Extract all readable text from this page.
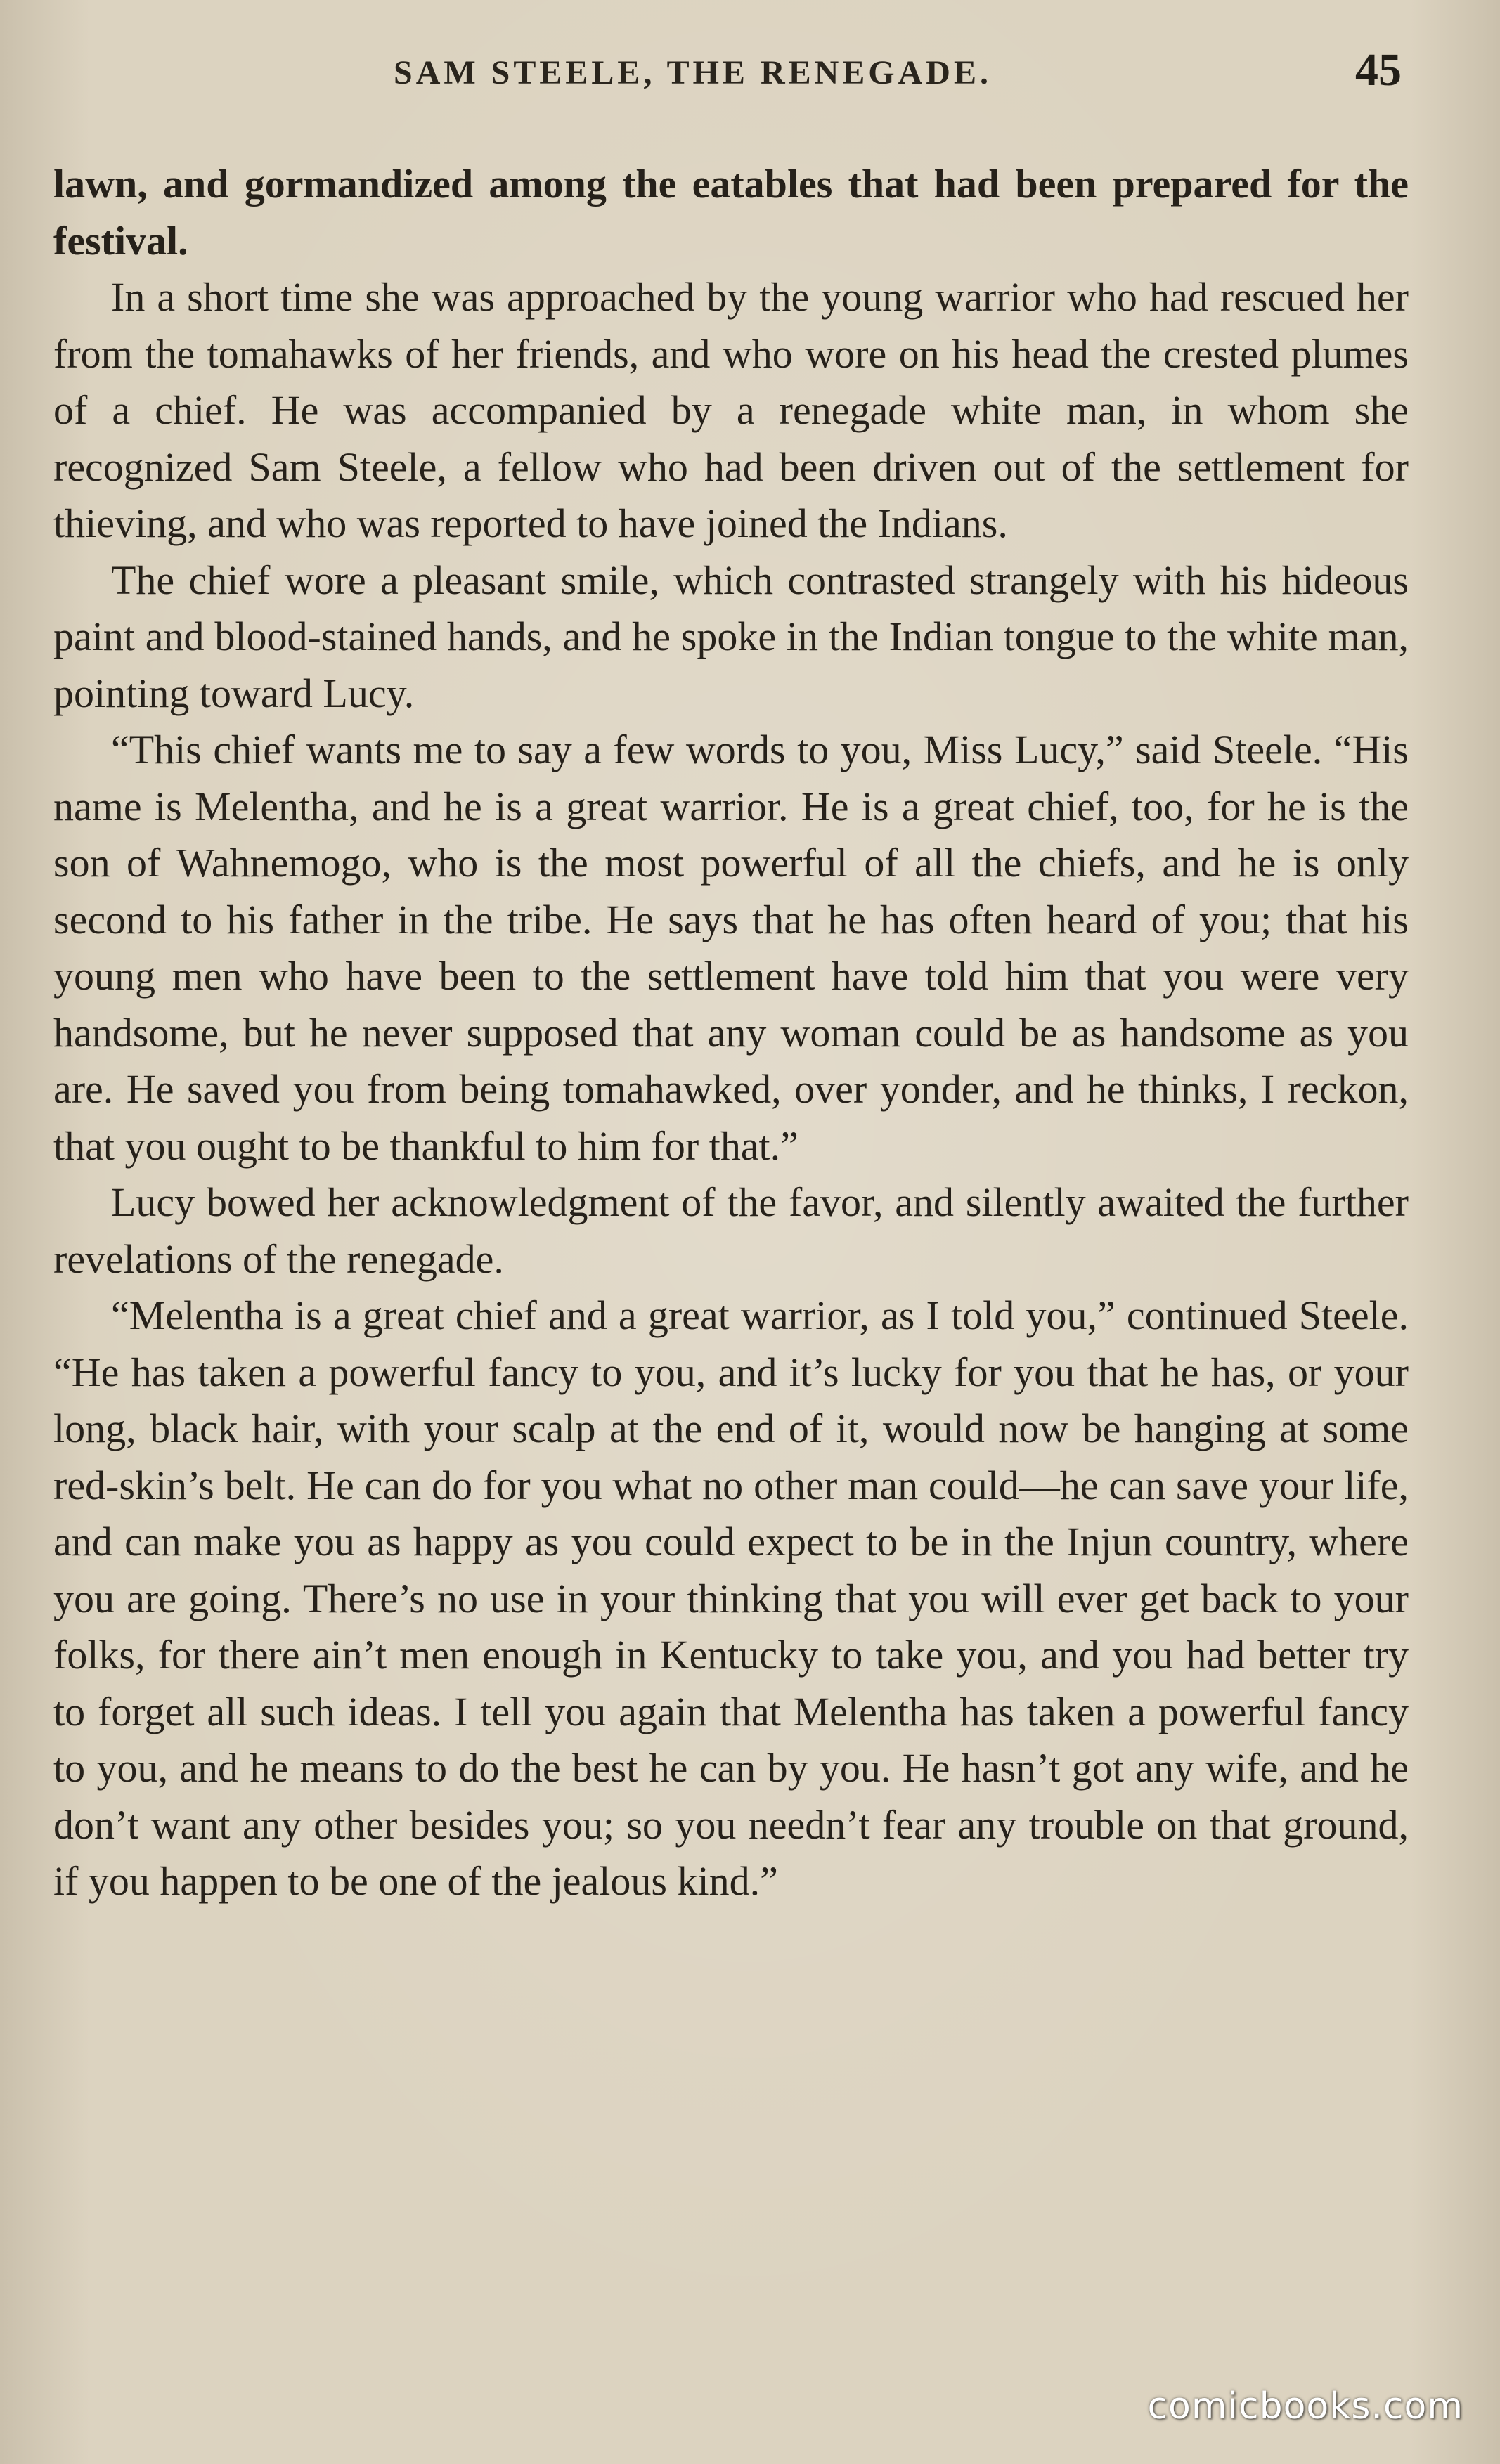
SAM STEELE, THE RENEGADE.	45

lawn, and gormandized among the eatables that had been prepared for the festival.

In a short time she was approached by the young warrior who had rescued her from the tomahawks of her friends, and who wore on his head the crested plumes of a chief. He was accompanied by a renegade white man, in whom she recognized Sam Steele, a fellow who had been driven out of the settlement for thieving, and who was reported to have joined the Indians.

The chief wore a pleasant smile, which contrasted strangely with his hideous paint and blood-stained hands, and he spoke in the Indian tongue to the white man, pointing toward Lucy.

“This chief wants me to say a few words to you, Miss Lucy,” said Steele. “His name is Melentha, and he is a great warrior. He is a great chief, too, for he is the son of Wahnemogo, who is the most powerful of all the chiefs, and he is only second to his father in the tribe. He says that he has often heard of you; that his young men who have been to the settlement have told him that you were very handsome, but he never supposed that any woman could be as handsome as you are. He saved you from being tomahawked, over yonder, and he thinks, I reckon, that you ought to be thankful to him for that.”

Lucy bowed her acknowledgment of the favor, and silently awaited the further revelations of the renegade.

“Melentha is a great chief and a great warrior, as I told you,” continued Steele. “He has taken a powerful fancy to you, and it’s lucky for you that he has, or your long, black hair, with your scalp at the end of it, would now be hanging at some red-skin’s belt. He can do for you what no other man could—he can save your life, and can make you as happy as you could expect to be in the Injun country, where you are going. There’s no use in your thinking that you will ever get back to your folks, for there ain’t men enough in Kentucky to take you, and you had better try to forget all such ideas. I tell you again that Melentha has taken a powerful fancy to you, and he means to do the best he can by you. He hasn’t got any wife, and he don’t want any other besides you; so you needn’t fear any trouble on that ground, if you happen to be one of the jealous kind.”

comicbooks.com
